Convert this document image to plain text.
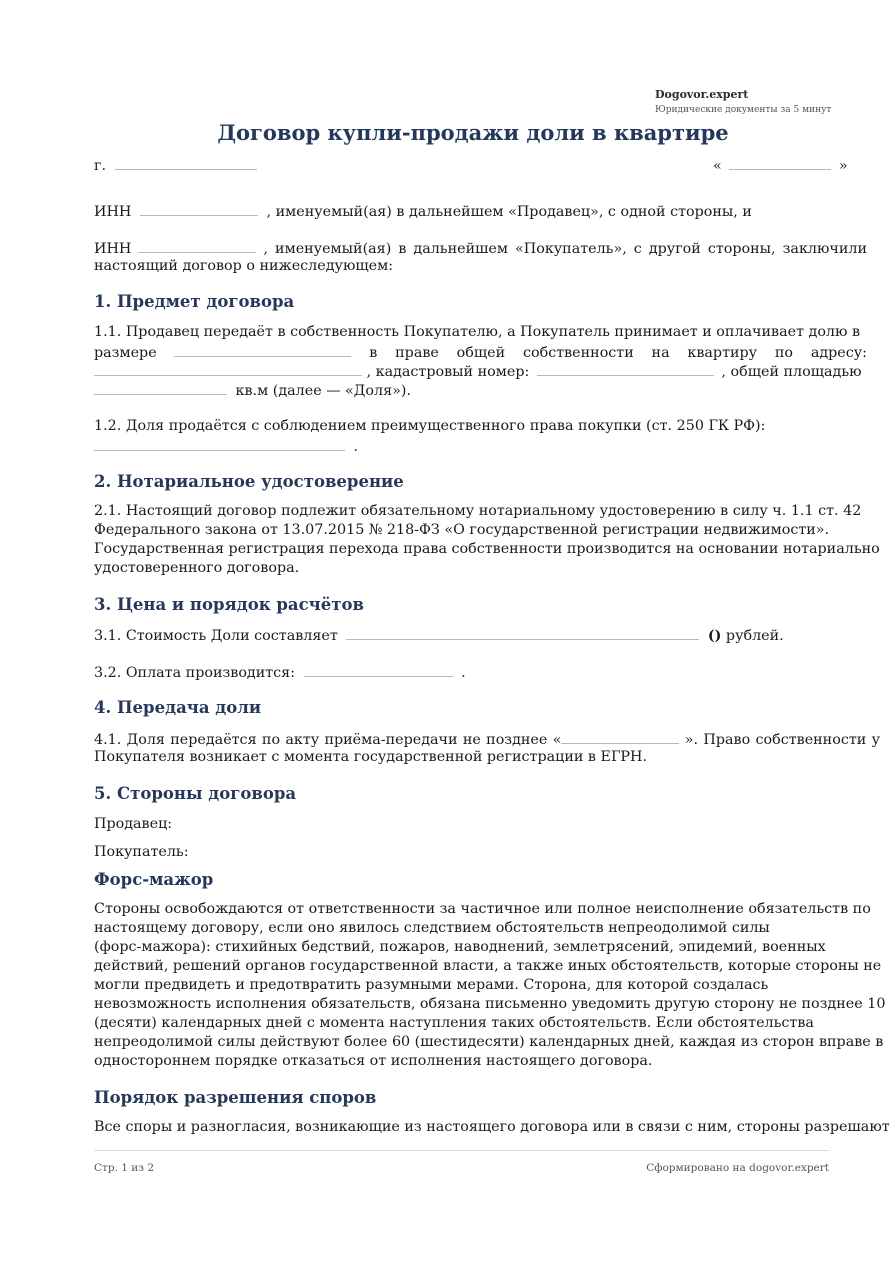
Dogovor.expert
Юридические документы за 5 минут
Договор купли-продажи доли в квартире
г.	«	»
ИНН	, именуемый(ая) в дальнейшем «Продавец», с одной стороны, и
ИНН	, именуемый(ая) в дальнейшем «Покупатель», с другой стороны, заключили
настоящий договор о нижеследующем:
1. Предмет договора
1.1. Продавец передаёт в собственность Покупателю, а Покупатель принимает и оплачивает долю в
размере	в праве общей собственности на квартиру по адресу:
, кадастровый номер:	, общей площадью
кв.м (далее — «Доля»).
1.2. Доля продаётся с соблюдением преимущественного права покупки (ст. 250 ГК РФ):
.
2. Нотариальное удостоверение
2.1. Настоящий договор подлежит обязательному нотариальному удостоверению в силу ч. 1.1 ст. 42
Федерального закона от 13.07.2015 № 218-ФЗ «О государственной регистрации недвижимости».
Государственная регистрация перехода права собственности производится на основании нотариально
удостоверенного договора.
3. Цена и порядок расчётов
3.1. Стоимость Доли составляет	() рублей.
3.2. Оплата производится:	.
4. Передача доли
4.1. Доля передаётся по акту приёма-передачи не позднее «	». Право собственности у
Покупателя возникает с момента государственной регистрации в ЕГРН.
5. Стороны договора
Продавец:
Покупатель:
Форс-мажор
Стороны освобождаются от ответственности за частичное или полное неисполнение обязательств по
настоящему договору, если оно явилось следствием обстоятельств непреодолимой силы
(форс-мажора): стихийных бедствий, пожаров, наводнений, землетрясений, эпидемий, военных
действий, решений органов государственной власти, а также иных обстоятельств, которые стороны не
могли предвидеть и предотвратить разумными мерами. Сторона, для которой создалась
невозможность исполнения обязательств, обязана письменно уведомить другую сторону не позднее 10
(десяти) календарных дней с момента наступления таких обстоятельств. Если обстоятельства
непреодолимой силы действуют более 60 (шестидесяти) календарных дней, каждая из сторон вправе в
одностороннем порядке отказаться от исполнения настоящего договора.
Порядок разрешения споров
Все споры и разногласия, возникающие из настоящего договора или в связи с ним, стороны разрешают
Стр. 1 из 2	Сформировано на dogovor.expert
